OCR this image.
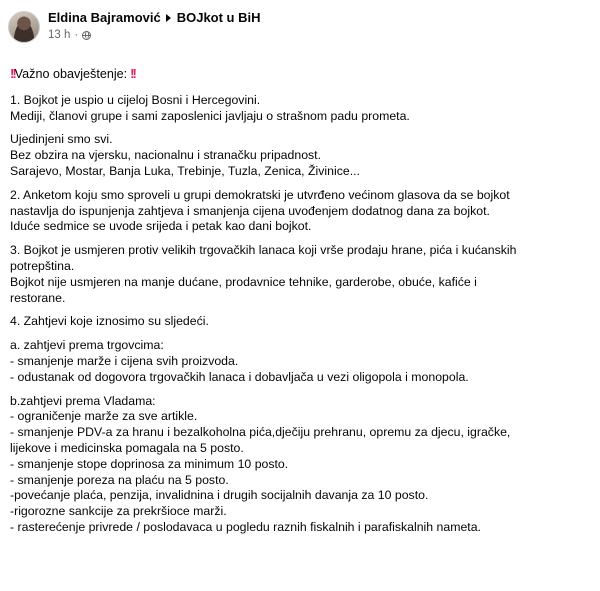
Eldina Bajramović BOJkot u BiH
13 h ·
!!Važno obavještenje: !!
1. Bojkot je uspio u cijeloj Bosni i Hercegovini.
Mediji, članovi grupe i sami zaposlenici javljaju o strašnom padu prometa.
Ujedinjeni smo svi.
Bez obzira na vjersku, nacionalnu i stranačku pripadnost.
Sarajevo, Mostar, Banja Luka, Trebinje, Tuzla, Zenica, Živinice...
2. Anketom koju smo sproveli u grupi demokratski je utvrđeno većinom glasova da se bojkot
nastavlja do ispunjenja zahtjeva i smanjenja cijena uvođenjem dodatnog dana za bojkot.
Iduće sedmice se uvode srijeda i petak kao dani bojkot.
3. Bojkot je usmjeren protiv velikih trgovačkih lanaca koji vrše prodaju hrane, pića i kućanskih
potrepština.
Bojkot nije usmjeren na manje dućane, prodavnice tehnike, garderobe, obuće, kafiće i
restorane.
4. Zahtjevi koje iznosimo su sljedeći.
a. zahtjevi prema trgovcima:
- smanjenje marže i cijena svih proizvoda.
- odustanak od dogovora trgovačkih lanaca i dobavljača u vezi oligopola i monopola.
b.zahtjevi prema Vladama:
- ograničenje marže za sve artikle.
- smanjenje PDV-a za hranu i bezalkoholna pića,dječiju prehranu, opremu za djecu, igračke,
lijekove i medicinska pomagala na 5 posto.
- smanjenje stope doprinosa za minimum 10 posto.
- smanjenje poreza na plaću na 5 posto.
-povećanje plaća, penzija, invalidnina i drugih socijalnih davanja za 10 posto.
-rigorozne sankcije za prekršioce marži.
- rasterećenje privrede / poslodavaca u pogledu raznih fiskalnih i parafiskalnih nameta.
